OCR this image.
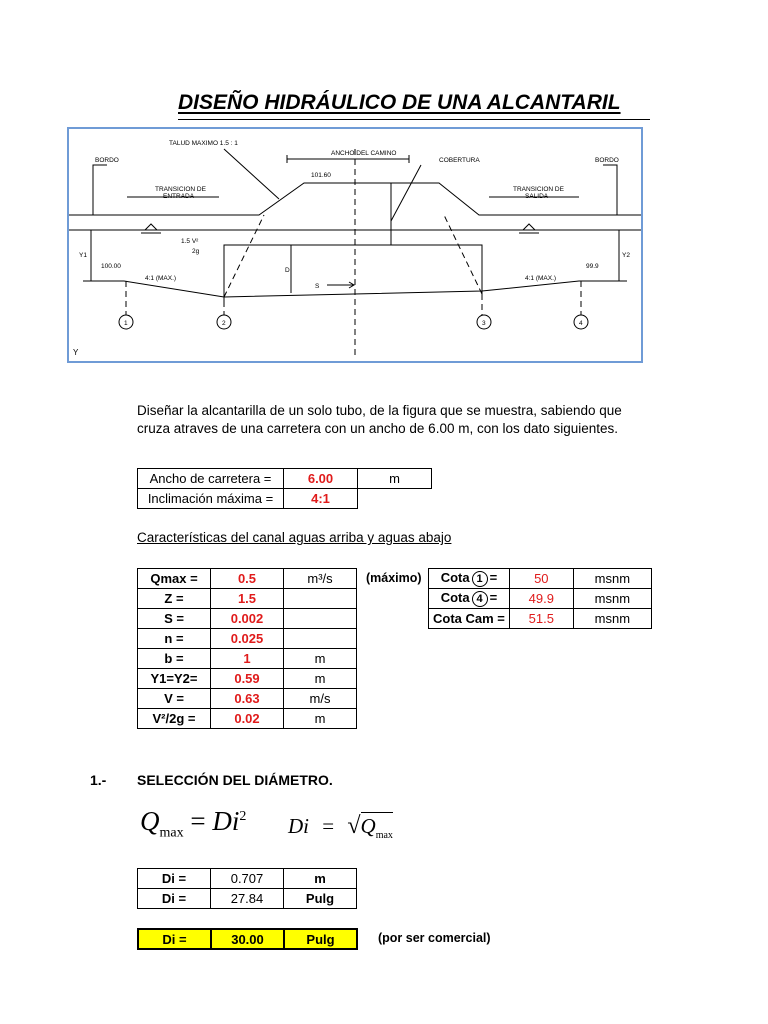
DISEÑO HIDRÁULICO DE UNA ALCANTARIL
TALUD MAXIMO 1.5 : 1
ANCHO DEL CAMINO
BORDO	BORDO
COBERTURA
101.60
TRANSICION DE
ENTRADA
TRANSICION DE
SALIDA
1.5 V²
2g
Y1	Y2
100.00	99.9
4:1 (MAX.)	4:1 (MAX.)
D
S
1	2	3	4
Y
Diseñar la alcantarilla de un solo tubo, de la figura que se muestra, sabiendo que
cruza atraves de una carretera con un ancho de 6.00 m, con los dato siguientes.
Ancho de carretera =	6.00	m
Inclimación máxima =	4:1	
Características del canal aguas arriba y aguas abajo
Qmax =	0.5	m³/s
Z =	1.5	
S =	0.002	
n =	0.025	
b =	1	m
Y1=Y2=	0.59	m
V =	0.63	m/s
V²/2g =	0.02	m
(máximo) Cota 1 =	50	msnm
Cota 4 =	49.9	msnm
Cota Cam =	51.5	msnm
1.- SELECCIÓN DEL DIÁMETRO.
$Q_{max} = Di^2$ $Di = √Q_{max}$
Di =	0.707	m
Di =	27.84	Pulg
Di =	30.00	Pulg	(por ser comercial)
